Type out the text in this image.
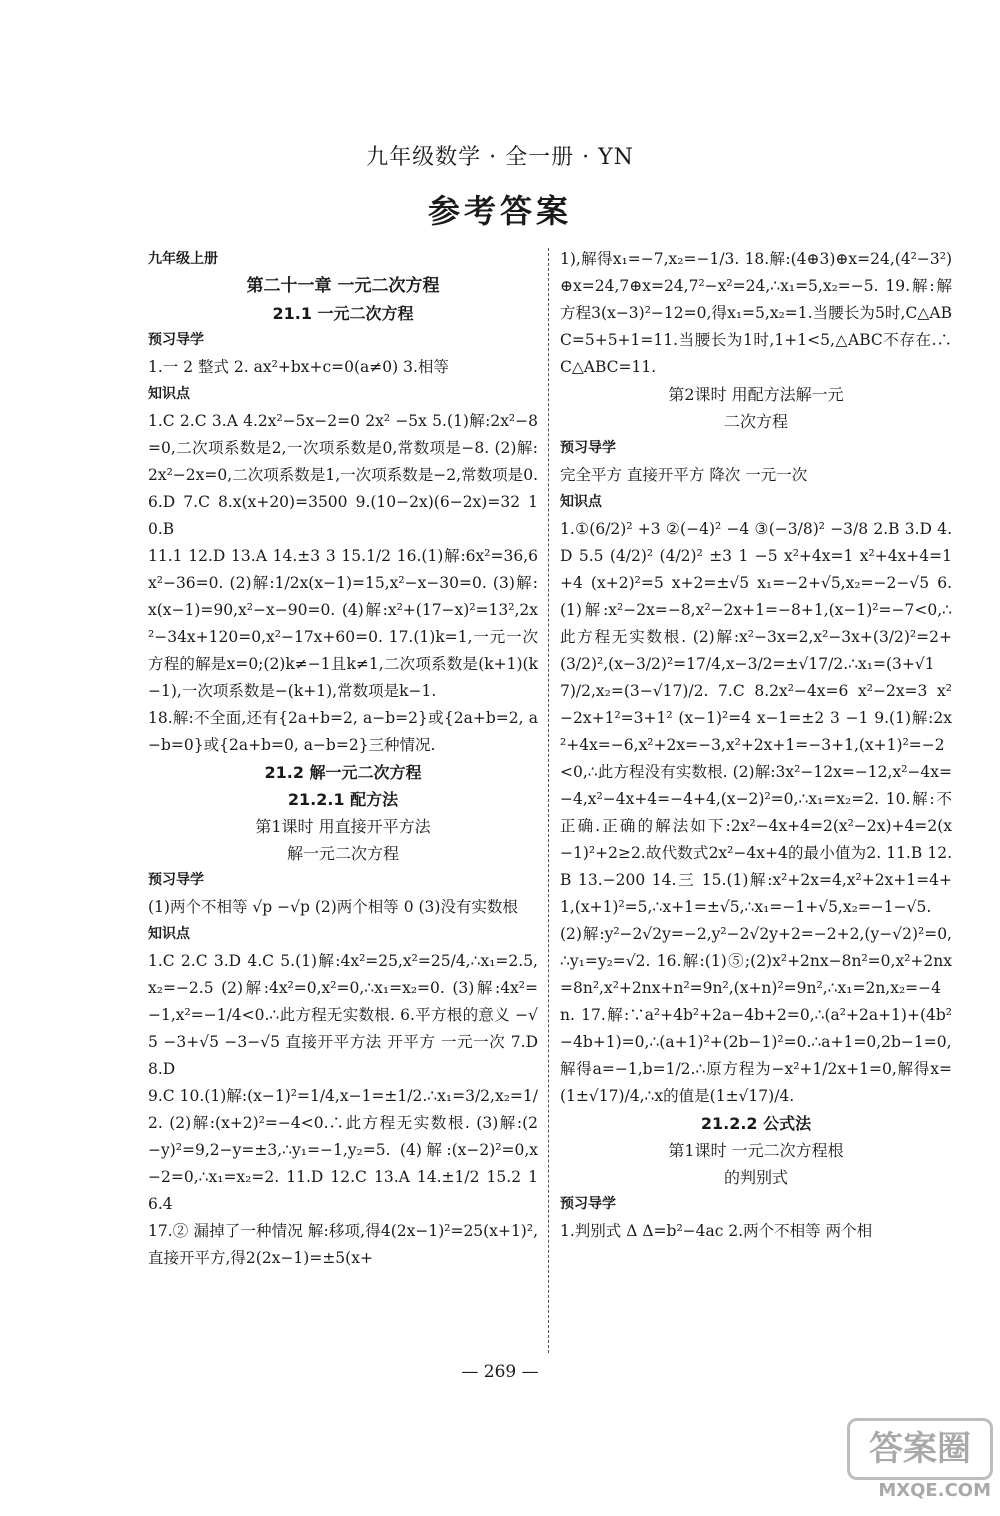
九年级数学 · 全一册 · YN
参考答案
九年级上册
第二十一章 一元二次方程
21.1 一元二次方程
预习导学
1.一 2 整式 2. ax²+bx+c=0(a≠0) 3.相等
知识点
1.C 2.C 3.A 4.2x²−5x−2=0 2x² −5x 5.(1)解:2x²−8=0,二次项系数是2,一次项系数是0,常数项是−8. (2)解:2x²−2x=0,二次项系数是1,一次项系数是−2,常数项是0. 6.D 7.C 8.x(x+20)=3500 9.(10−2x)(6−2x)=32 10.B
11.1 12.D 13.A 14.±3 3 15.1/2 16.(1)解:6x²=36,6x²−36=0. (2)解:1/2x(x−1)=15,x²−x−30=0. (3)解:x(x−1)=90,x²−x−90=0. (4)解:x²+(17−x)²=13²,2x²−34x+120=0,x²−17x+60=0. 17.(1)k=1,一元一次方程的解是x=0;(2)k≠−1且k≠1,二次项系数是(k+1)(k−1),一次项系数是−(k+1),常数项是k−1.
18.解:不全面,还有{2a+b=2, a−b=2}或{2a+b=2, a−b=0}或{2a+b=0, a−b=2}三种情况.
21.2 解一元二次方程
21.2.1 配方法
第1课时 用直接开平方法
解一元二次方程
预习导学
(1)两个不相等 √p −√p (2)两个相等 0 (3)没有实数根
知识点
1.C 2.C 3.D 4.C 5.(1)解:4x²=25,x²=25/4,∴x₁=2.5,x₂=−2.5 (2)解:4x²=0,x²=0,∴x₁=x₂=0. (3)解:4x²=−1,x²=−1/4<0.∴此方程无实数根. 6.平方根的意义 −√5 −3+√5 −3−√5 直接开平方法 开平方 一元一次 7.D 8.D
9.C 10.(1)解:(x−1)²=1/4,x−1=±1/2.∴x₁=3/2,x₂=1/2. (2)解:(x+2)²=−4<0.∴此方程无实数根. (3)解:(2−y)²=9,2−y=±3,∴y₁=−1,y₂=5. (4)解:(x−2)²=0,x−2=0,∴x₁=x₂=2. 11.D 12.C 13.A 14.±1/2 15.2 16.4
17.② 漏掉了一种情况 解:移项,得4(2x−1)²=25(x+1)²,直接开平方,得2(2x−1)=±5(x+
1),解得x₁=−7,x₂=−1/3. 18.解:(4⊕3)⊕x=24,(4²−3²)⊕x=24,7⊕x=24,7²−x²=24,∴x₁=5,x₂=−5. 19.解:解方程3(x−3)²−12=0,得x₁=5,x₂=1.当腰长为5时,C△ABC=5+5+1=11.当腰长为1时,1+1<5,△ABC不存在.∴C△ABC=11.
第2课时 用配方法解一元
二次方程
预习导学
完全平方 直接开平方 降次 一元一次
知识点
1.①(6/2)² +3 ②(−4)² −4 ③(−3/8)² −3/8 2.B 3.D 4.D 5.5 (4/2)² (4/2)² ±3 1 −5 x²+4x=1 x²+4x+4=1+4 (x+2)²=5 x+2=±√5 x₁=−2+√5,x₂=−2−√5 6.(1)解:x²−2x=−8,x²−2x+1=−8+1,(x−1)²=−7<0,∴此方程无实数根. (2)解:x²−3x=2,x²−3x+(3/2)²=2+(3/2)²,(x−3/2)²=17/4,x−3/2=±√17/2.∴x₁=(3+√17)/2,x₂=(3−√17)/2. 7.C 8.2x²−4x=6 x²−2x=3 x²−2x+1²=3+1² (x−1)²=4 x−1=±2 3 −1 9.(1)解:2x²+4x=−6,x²+2x=−3,x²+2x+1=−3+1,(x+1)²=−2<0,∴此方程没有实数根. (2)解:3x²−12x=−12,x²−4x=−4,x²−4x+4=−4+4,(x−2)²=0,∴x₁=x₂=2. 10.解:不正确.正确的解法如下:2x²−4x+4=2(x²−2x)+4=2(x−1)²+2≥2.故代数式2x²−4x+4的最小值为2. 11.B 12.B 13.−200 14.三 15.(1)解:x²+2x=4,x²+2x+1=4+1,(x+1)²=5,∴x+1=±√5,∴x₁=−1+√5,x₂=−1−√5. (2)解:y²−2√2y=−2,y²−2√2y+2=−2+2,(y−√2)²=0,∴y₁=y₂=√2. 16.解:(1)⑤;(2)x²+2nx−8n²=0,x²+2nx=8n²,x²+2nx+n²=9n²,(x+n)²=9n²,∴x₁=2n,x₂=−4n. 17.解:∵a²+4b²+2a−4b+2=0,∴(a²+2a+1)+(4b²−4b+1)=0,∴(a+1)²+(2b−1)²=0.∴a+1=0,2b−1=0,解得a=−1,b=1/2.∴原方程为−x²+1/2x+1=0,解得x=(1±√17)/4,∴x的值是(1±√17)/4.
21.2.2 公式法
第1课时 一元二次方程根
的判别式
预习导学
1.判别式 Δ Δ=b²−4ac 2.两个不相等 两个相
— 269 —
答案圈
MXQE.COM
